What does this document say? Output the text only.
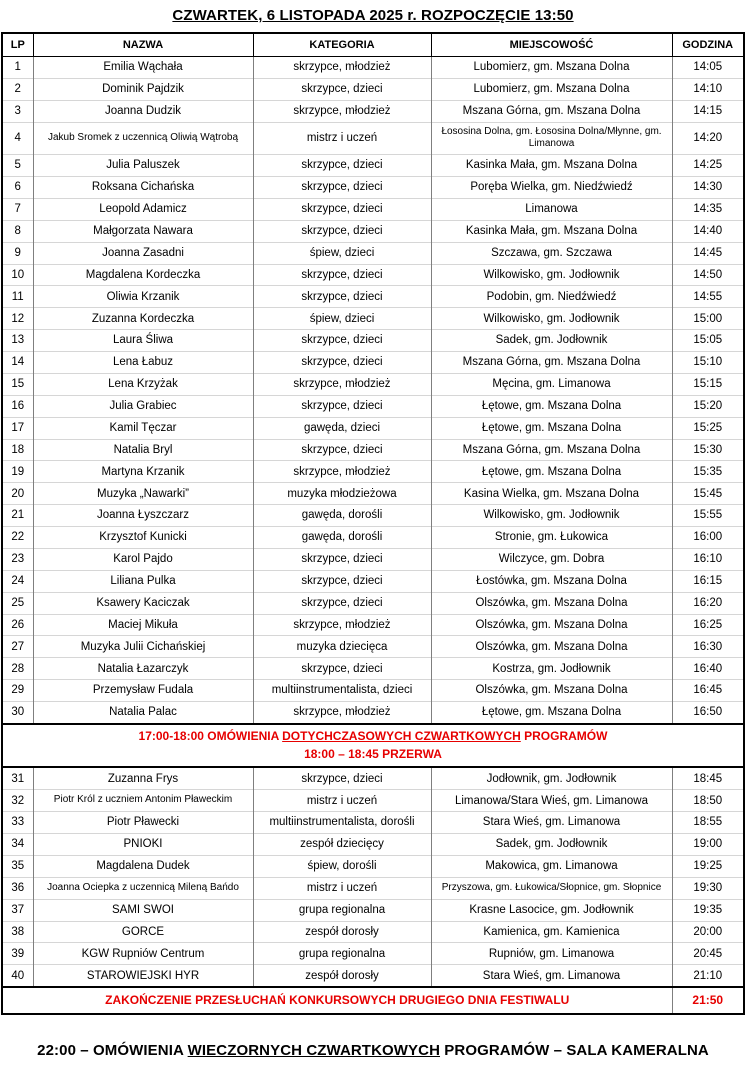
CZWARTEK, 6 LISTOPADA 2025 r. ROZPOCZĘCIE 13:50
LP	NAZWA	KATEGORIA	MIEJSCOWOŚĆ	GODZINA
1	Emilia Wąchała	skrzypce, młodzież	Lubomierz, gm. Mszana Dolna	14:05
2	Dominik Pajdzik	skrzypce, dzieci	Lubomierz, gm. Mszana Dolna	14:10
3	Joanna Dudzik	skrzypce, młodzież	Mszana Górna, gm. Mszana Dolna	14:15
4	Jakub Sromek z uczennicą Oliwią Wątrobą	mistrz i uczeń	Łososina Dolna, gm. Łososina Dolna/Młynne, gm. Limanowa	14:20
5	Julia Paluszek	skrzypce, dzieci	Kasinka Mała, gm. Mszana Dolna	14:25
6	Roksana Cichańska	skrzypce, dzieci	Poręba Wielka, gm. Niedźwiedź	14:30
7	Leopold Adamicz	skrzypce, dzieci	Limanowa	14:35
8	Małgorzata Nawara	skrzypce, dzieci	Kasinka Mała, gm. Mszana Dolna	14:40
9	Joanna Zasadni	śpiew, dzieci	Szczawa, gm. Szczawa	14:45
10	Magdalena Kordeczka	skrzypce, dzieci	Wilkowisko, gm. Jodłownik	14:50
11	Oliwia Krzanik	skrzypce, dzieci	Podobin, gm. Niedźwiedź	14:55
12	Zuzanna Kordeczka	śpiew, dzieci	Wilkowisko, gm. Jodłownik	15:00
13	Laura Śliwa	skrzypce, dzieci	Sadek, gm. Jodłownik	15:05
14	Lena Łabuz	skrzypce, dzieci	Mszana Górna, gm. Mszana Dolna	15:10
15	Lena Krzyżak	skrzypce, młodzież	Męcina, gm. Limanowa	15:15
16	Julia Grabiec	skrzypce, dzieci	Łętowe, gm. Mszana Dolna	15:20
17	Kamil Tęczar	gawęda, dzieci	Łętowe, gm. Mszana Dolna	15:25
18	Natalia Bryl	skrzypce, dzieci	Mszana Górna, gm. Mszana Dolna	15:30
19	Martyna Krzanik	skrzypce, młodzież	Łętowe, gm. Mszana Dolna	15:35
20	Muzyka „Nawarki”	muzyka młodzieżowa	Kasina Wielka, gm. Mszana Dolna	15:45
21	Joanna Łyszczarz	gawęda, dorośli	Wilkowisko, gm. Jodłownik	15:55
22	Krzysztof Kunicki	gawęda, dorośli	Stronie, gm. Łukowica	16:00
23	Karol Pajdo	skrzypce, dzieci	Wilczyce, gm. Dobra	16:10
24	Liliana Pulka	skrzypce, dzieci	Łostówka, gm. Mszana Dolna	16:15
25	Ksawery Kaciczak	skrzypce, dzieci	Olszówka, gm. Mszana Dolna	16:20
26	Maciej Mikuła	skrzypce, młodzież	Olszówka, gm. Mszana Dolna	16:25
27	Muzyka Julii Cichańskiej	muzyka dziecięca	Olszówka, gm. Mszana Dolna	16:30
28	Natalia Łazarczyk	skrzypce, dzieci	Kostrza, gm. Jodłownik	16:40
29	Przemysław Fudala	multiinstrumentalista, dzieci	Olszówka, gm. Mszana Dolna	16:45
30	Natalia Palac	skrzypce, młodzież	Łętowe, gm. Mszana Dolna	16:50

17:00-18:00 OMÓWIENIA DOTYCHCZASOWYCH CZWARTKOWYCH PROGRAMÓW
18:00 – 18:45 PRZERWA				

31	Zuzanna Frys	skrzypce, dzieci	Jodłownik, gm. Jodłownik	18:45
32	Piotr Król z uczniem Antonim Pławeckim	mistrz i uczeń	Limanowa/Stara Wieś, gm. Limanowa	18:50
33	Piotr Pławecki	multiinstrumentalista, dorośli	Stara Wieś, gm. Limanowa	18:55
34	PNIOKI	zespół dziecięcy	Sadek, gm. Jodłownik	19:00
35	Magdalena Dudek	śpiew, dorośli	Makowica, gm. Limanowa	19:25
36	Joanna Ociepka z uczennicą Mileną Bańdo	mistrz i uczeń	Przyszowa, gm. Łukowica/Słopnice, gm. Słopnice	19:30
37	SAMI SWOI	grupa regionalna	Krasne Lasocice, gm. Jodłownik	19:35
38	GORCE	zespół dorosły	Kamienica, gm. Kamienica	20:00
39	KGW Rupniów Centrum	grupa regionalna	Rupniów, gm. Limanowa	20:45
40	STAROWIEJSKI HYR	zespół dorosły	Stara Wieś, gm. Limanowa	21:10
ZAKOŃCZENIE PRZESŁUCHAŃ KONKURSOWYCH DRUGIEGO DNIA FESTIWALU				21:50
22:00 – OMÓWIENIA WIECZORNYCH CZWARTKOWYCH PROGRAMÓW – SALA KAMERALNA
